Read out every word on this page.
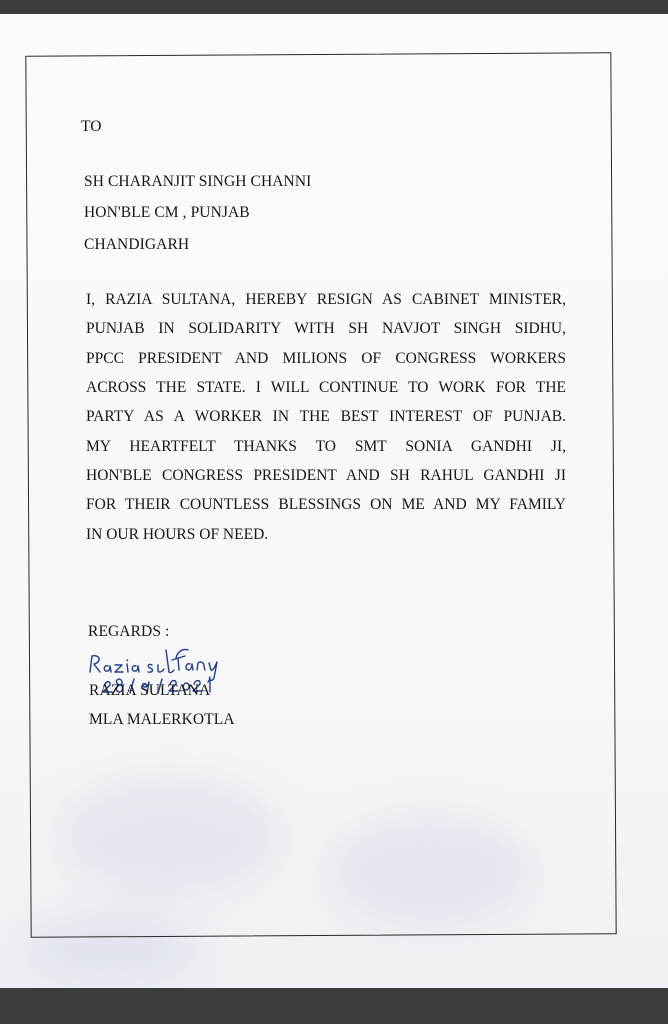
TO
SH CHARANJIT SINGH CHANNI
HON'BLE CM , PUNJAB
CHANDIGARH
I, RAZIA SULTANA, HEREBY RESIGN AS CABINET MINISTER,
PUNJAB IN SOLIDARITY WITH SH NAVJOT SINGH SIDHU,
PPCC PRESIDENT AND MILIONS OF CONGRESS WORKERS
ACROSS THE STATE. I WILL CONTINUE TO WORK FOR THE
PARTY AS A WORKER IN THE BEST INTEREST OF PUNJAB.
MY HEARTFELT THANKS TO SMT SONIA GANDHI JI,
HON'BLE CONGRESS PRESIDENT AND SH RAHUL GANDHI JI
FOR THEIR COUNTLESS BLESSINGS ON ME AND MY FAMILY
IN OUR HOURS OF NEED.
REGARDS :
RAZIA SULTANA
MLA MALERKOTLA
